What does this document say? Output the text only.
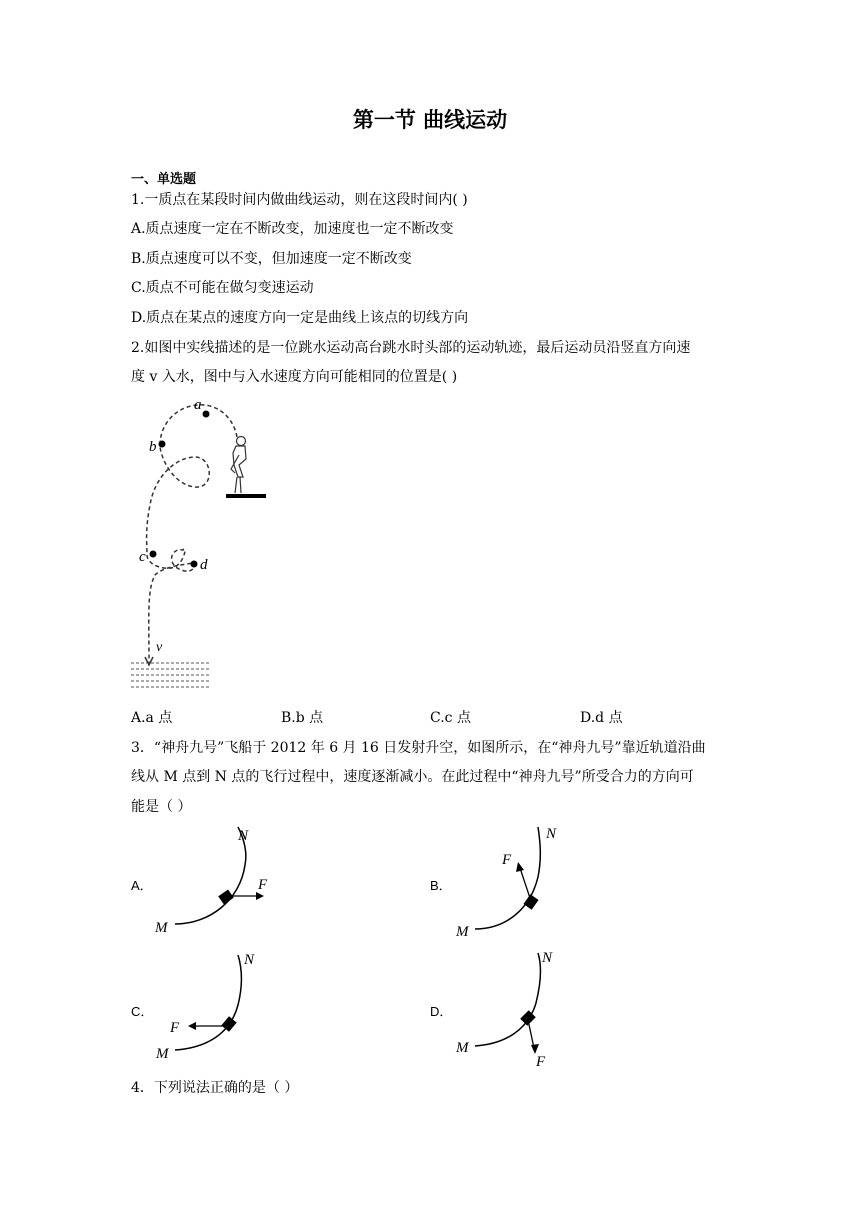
第一节 曲线运动
一、单选题
1.一质点在某段时间内做曲线运动，则在这段时间内( )
A.质点速度一定在不断改变，加速度也一定不断改变
B.质点速度可以不变，但加速度一定不断改变
C.质点不可能在做匀变速运动
D.质点在某点的速度方向一定是曲线上该点的切线方向
2.如图中实线描述的是一位跳水运动高台跳水时头部的运动轨迹，最后运动员沿竖直方向速
度 v 入水，图中与入水速度方向可能相同的位置是( )
a
b
c	d
v
A.a 点	B.b 点	C.c 点	D.d 点
3．“神舟九号”飞船于 2012 年 6 月 16 日发射升空，如图所示，在“神舟九号”靠近轨道沿曲
线从 M 点到 N 点的飞行过程中，速度逐渐减小。在此过程中“神舟九号”所受合力的方向可
能是（ ）
A．	B．
C．	D．
N
M
F
N
M
F
N
M
F
N
M
F
4．下列说法正确的是（ ）
